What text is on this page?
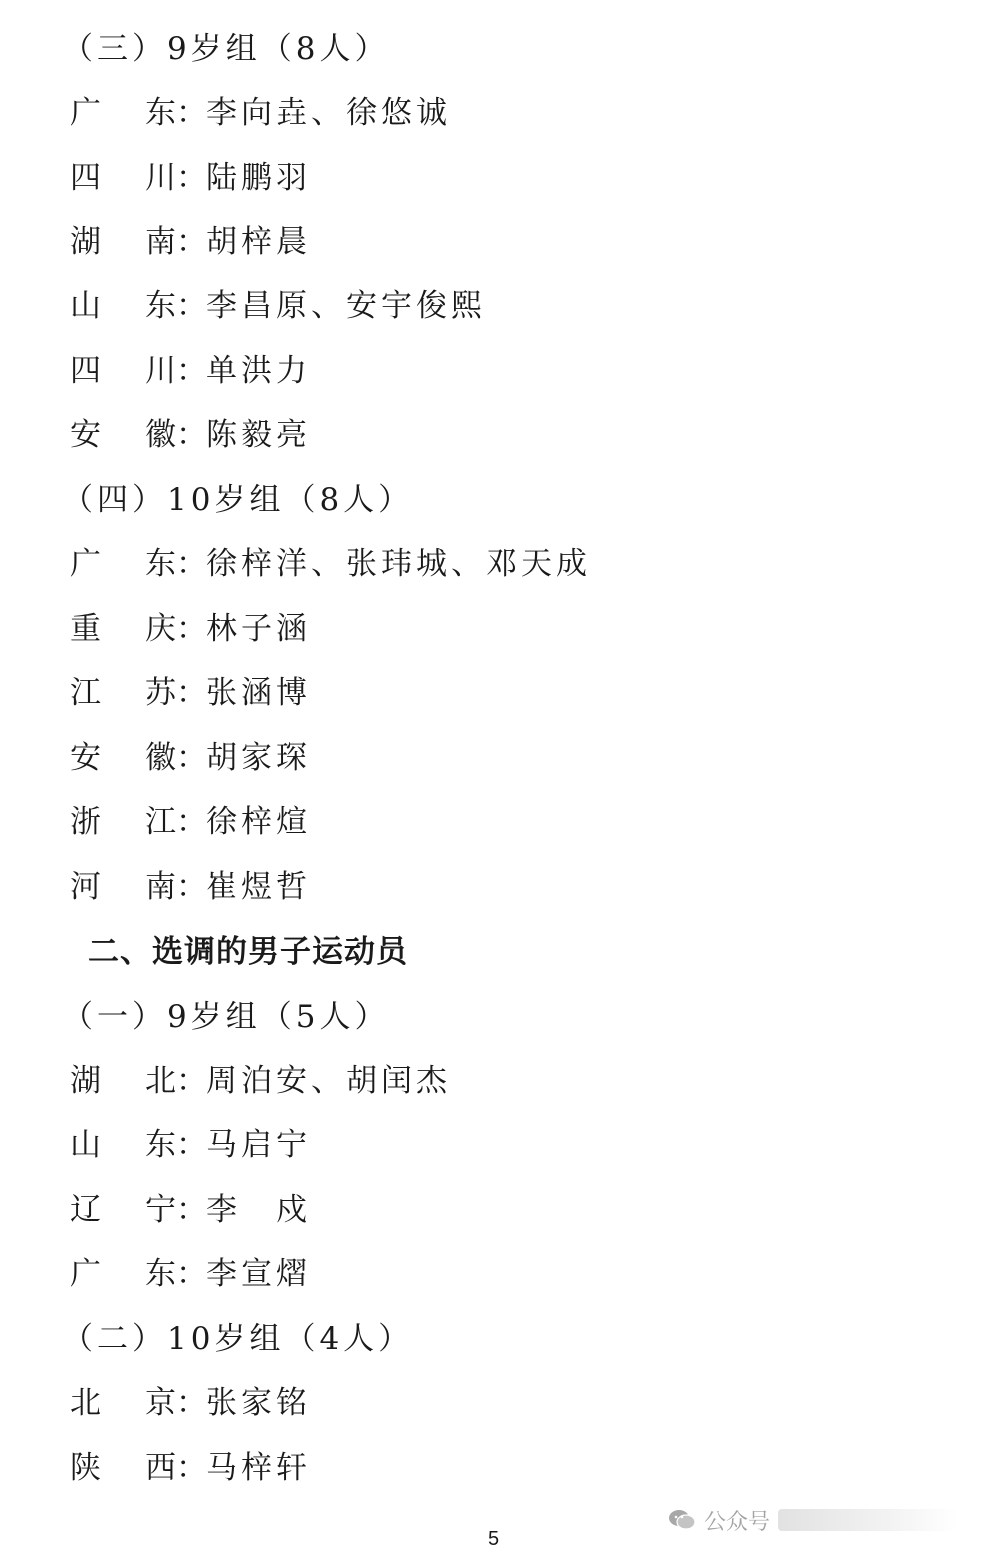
（三）9岁组（8人）
广 东 ： 李向垚、徐悠诚
四 川 ： 陆鹏羽
湖 南 ： 胡梓晨
山 东 ： 李昌原、安宇俊熙
四 川 ： 单洪力
安 徽 ： 陈毅亮
（四）10岁组（8人）
广 东 ： 徐梓洋、张玮城、邓天成
重 庆 ： 林子涵
江 苏 ： 张涵博
安 徽 ： 胡家琛
浙 江 ： 徐梓煊
河 南 ： 崔煜哲
二、选调的男子运动员
（一）9岁组（5人）
湖 北 ： 周泊安、胡闰杰
山 东 ： 马启宁
辽 宁 ： 李　戍
广 东 ： 李宣熠
（二）10岁组（4人）
北 京 ： 张家铭
陕 西 ： 马梓轩
公众号
5
